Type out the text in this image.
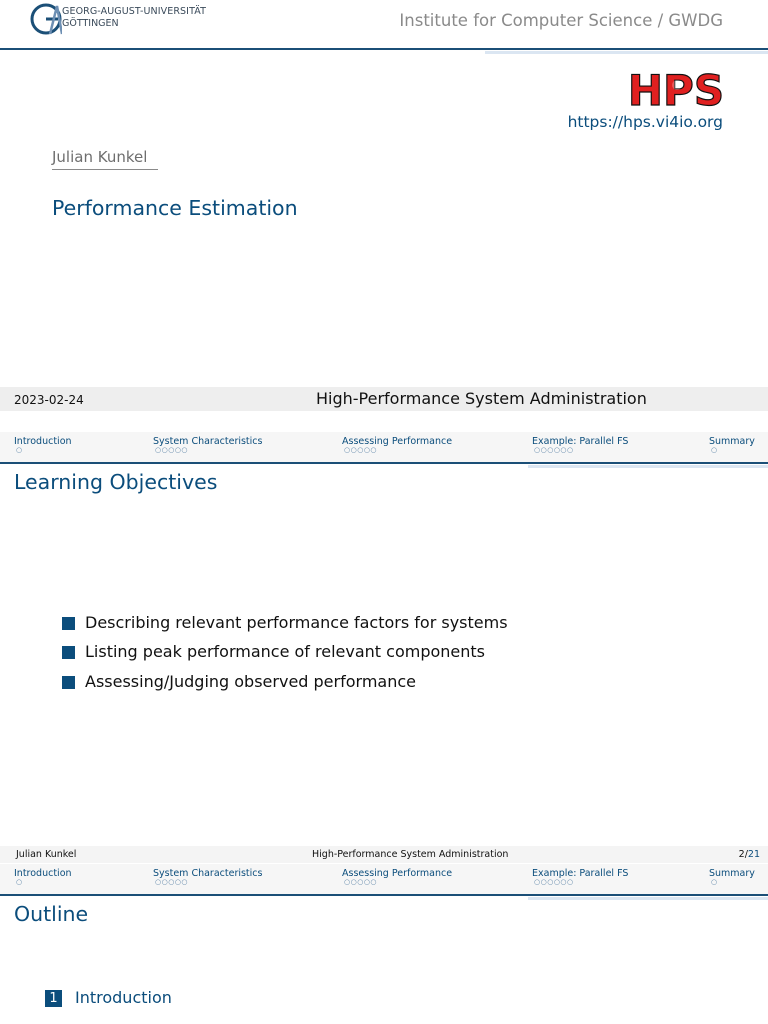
GEORG-AUGUST-UNIVERSITÄT
GÖTTINGEN	Institute for Computer Science / GWDG
HPS
https://hps.vi4io.org
Julian Kunkel
Performance Estimation
2023-02-24	High-Performance System Administration
Introduction
○
System Characteristics
○○○○○
Assessing Performance
○○○○○
Example: Parallel FS
○○○○○○
Summary
○
Learning Objectives
Describing relevant performance factors for systems
Listing peak performance of relevant components
Assessing/Judging observed performance
Julian Kunkel	High-Performance System Administration	2/21
Introduction
○
System Characteristics
○○○○○
Assessing Performance
○○○○○
Example: Parallel FS
○○○○○○
Summary
○
Outline
1 Introduction
